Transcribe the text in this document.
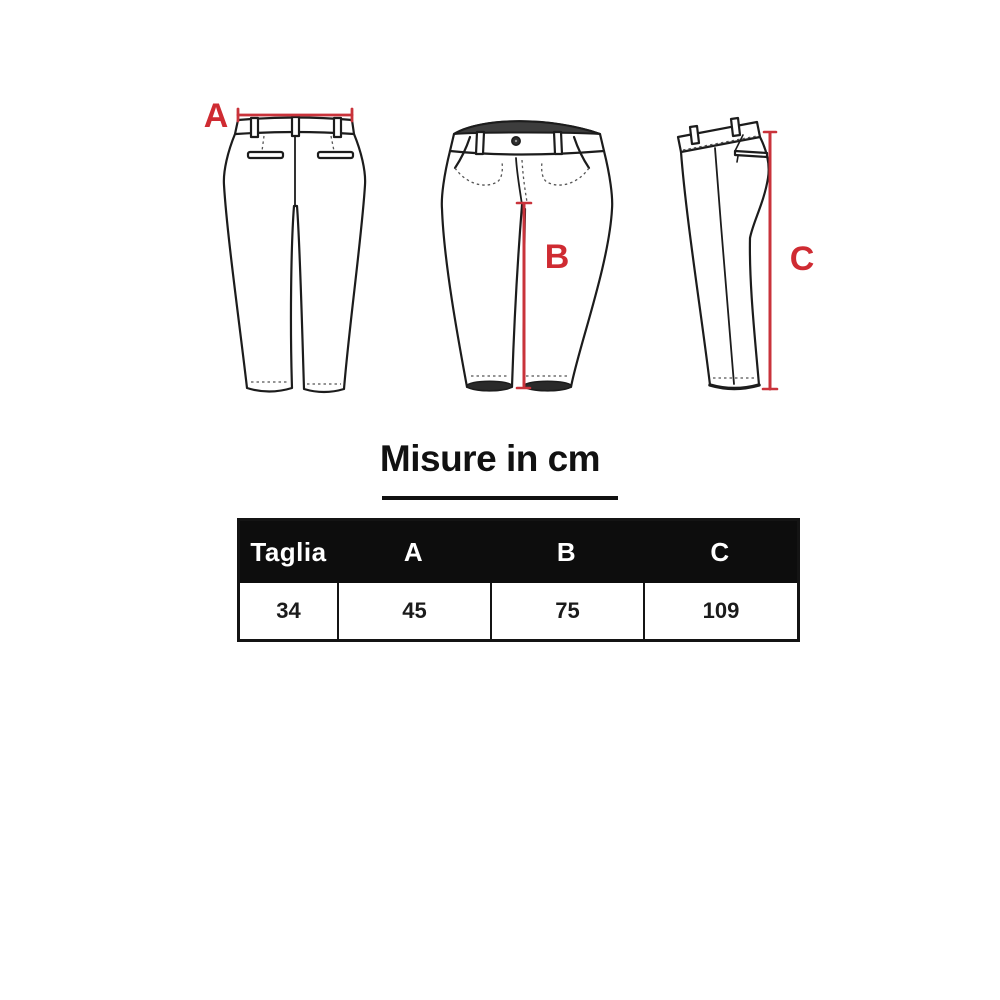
A
B	C
Misure in cm
Taglia	A	B	C
34	45	75	109
